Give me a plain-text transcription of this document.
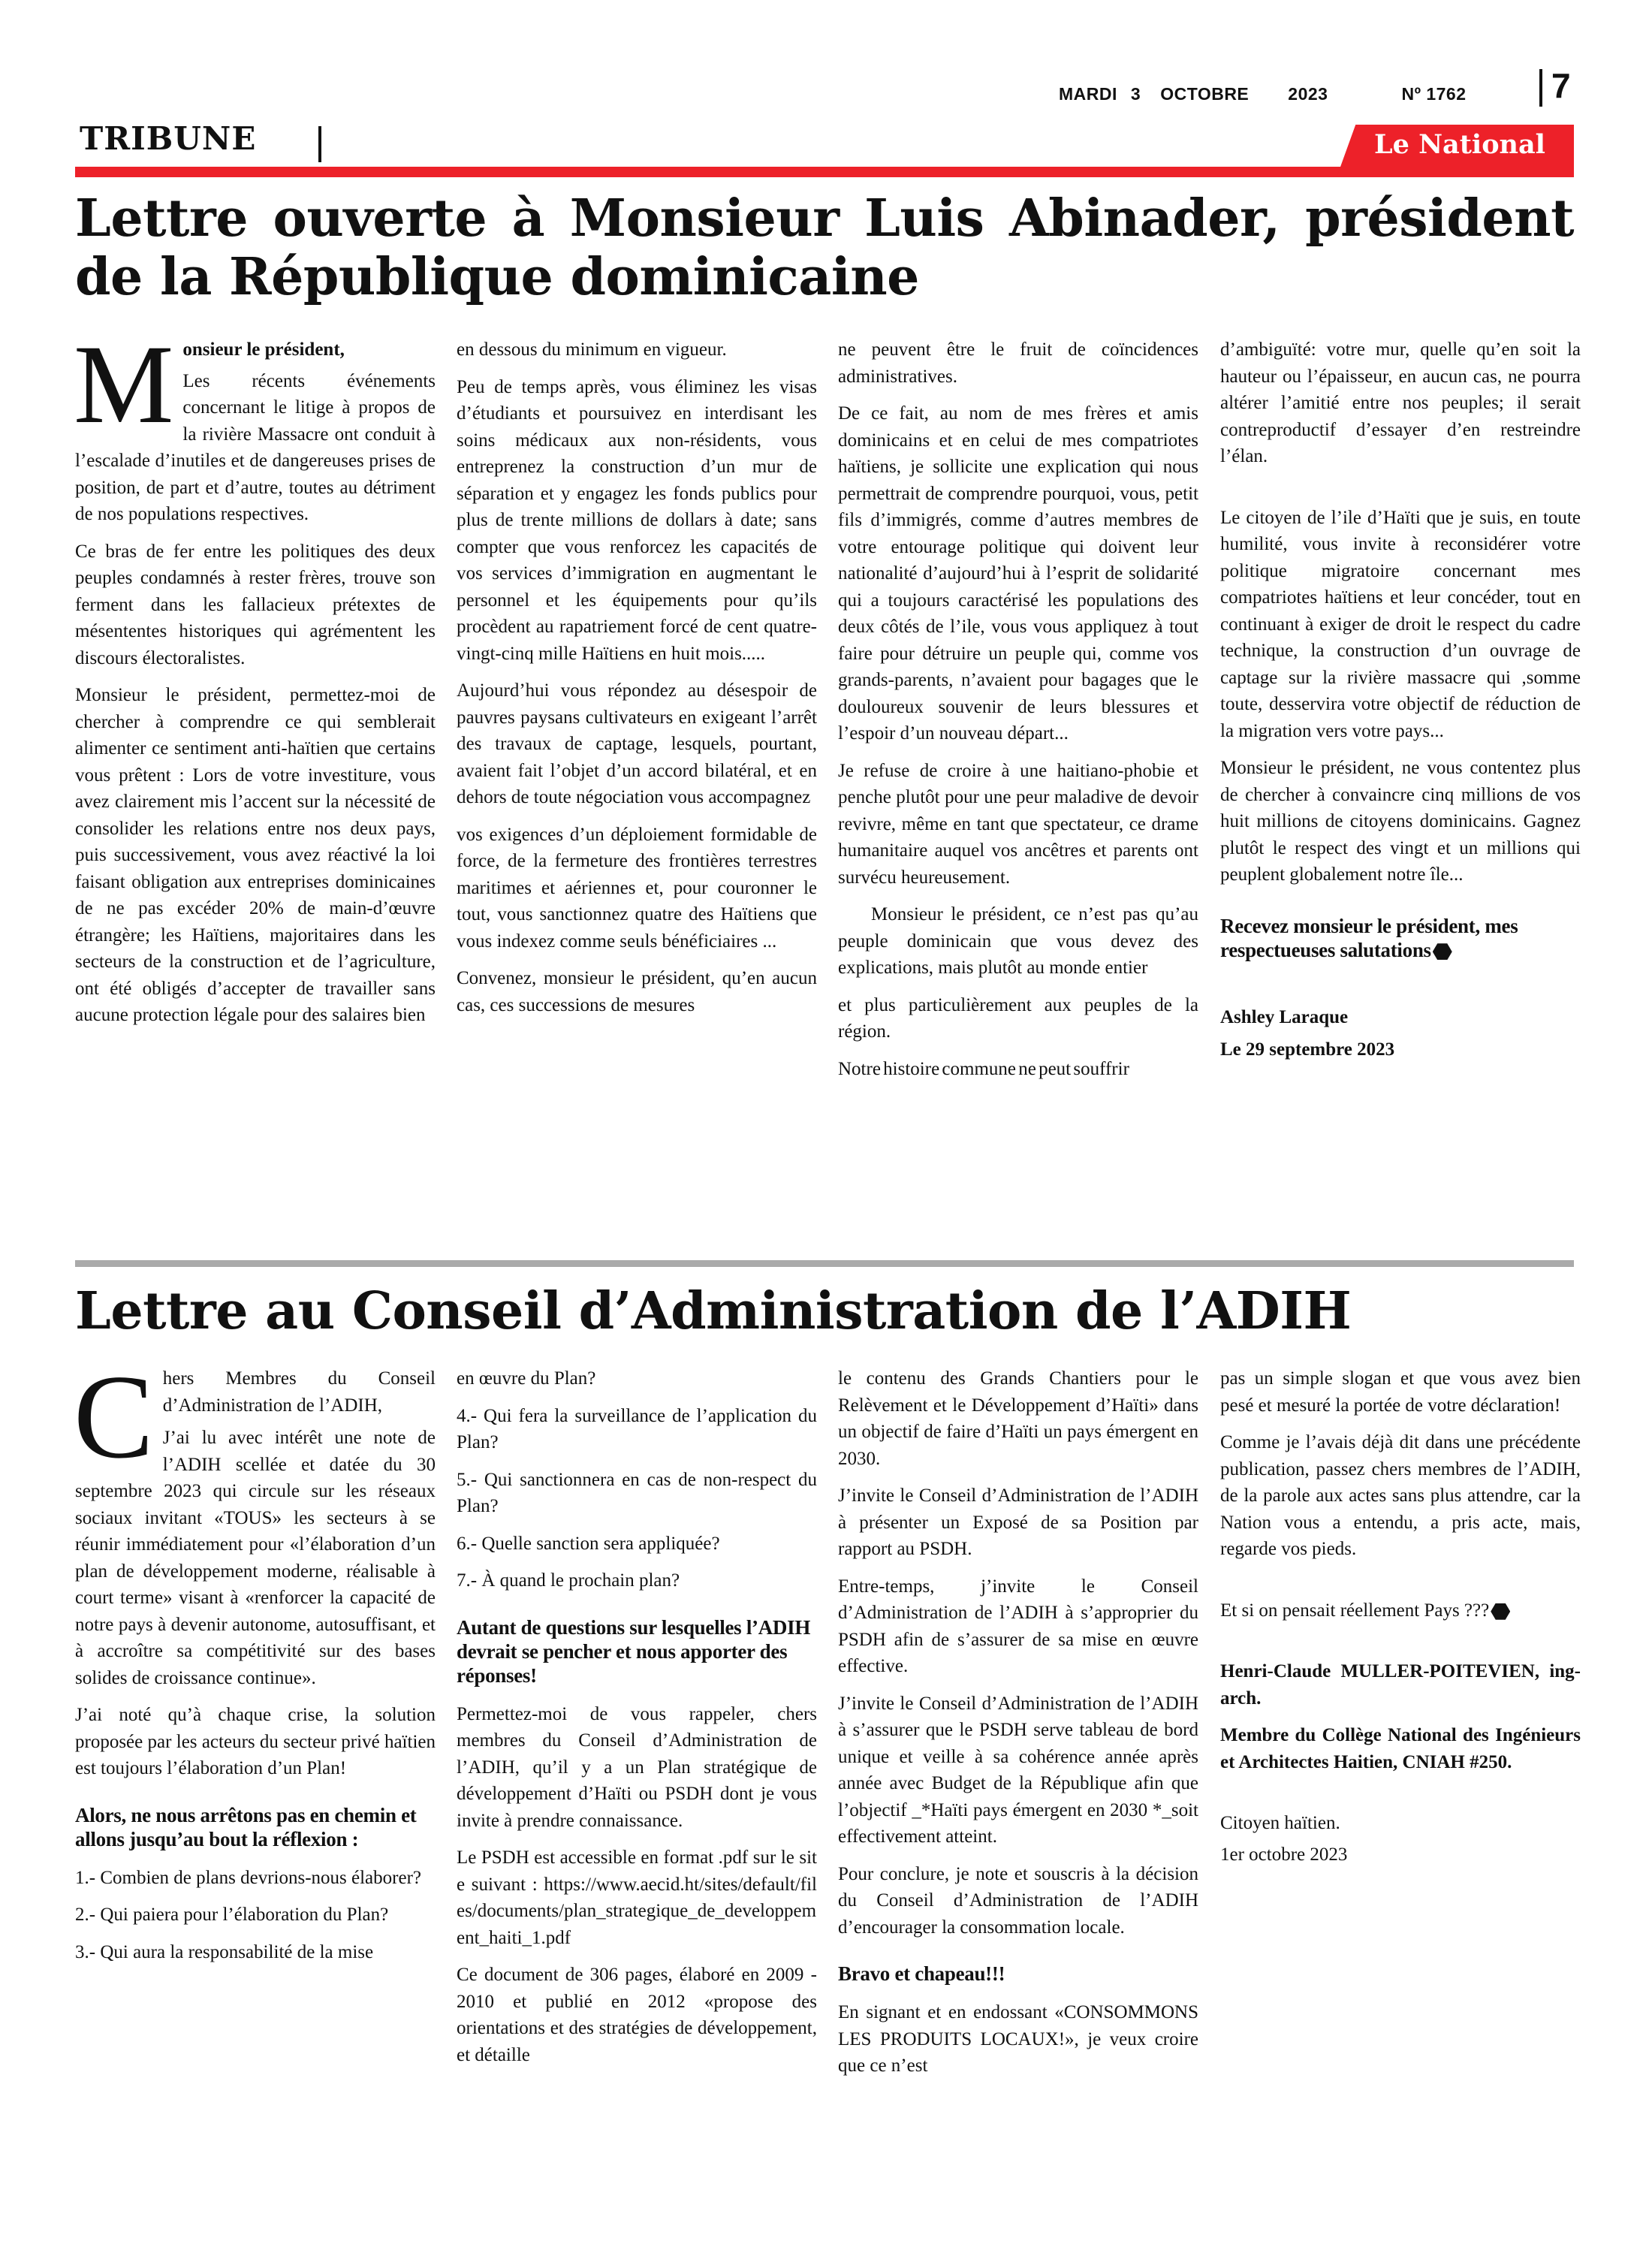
MARDI 3 OCTOBRE 2023	Nº 1762 7
TRIBUNE	Le National
Lettre ouverte à Monsieur Luis Abinader, président de la République dominicaine
M onsieur le président,

Les récents événements concernant le litige à propos de la rivière Massacre ont conduit à l’escalade d’inutiles et de dangereuses prises de position, de part et d’autre, toutes au détriment de nos populations respectives.

Ce bras de fer entre les politiques des deux peuples condamnés à rester frères, trouve son ferment dans les fallacieux prétextes de mésententes historiques qui agrémentent les discours électoralistes.

Monsieur le président, permettez-moi de chercher à comprendre ce qui semblerait alimenter ce sentiment anti-haïtien que certains vous prêtent : Lors de votre investiture, vous avez clairement mis l’accent sur la nécessité de consolider les relations entre nos deux pays, puis successivement, vous avez réactivé la loi faisant obligation aux entreprises dominicaines de ne pas excéder 20% de main-d’œuvre étrangère; les Haïtiens, majoritaires dans les secteurs de la construction et de l’agriculture, ont été obligés d’accepter de travailler sans aucune protection légale pour des salaires bien

en dessous du minimum en vigueur.

Peu de temps après, vous éliminez les visas d’étudiants et poursuivez en interdisant les soins médicaux aux non-résidents, vous entreprenez la construction d’un mur de séparation et y engagez les fonds publics pour plus de trente millions de dollars à date; sans compter que vous renforcez les capacités de vos services d’immigration en augmentant le personnel et les équipements pour qu’ils procèdent au rapatriement forcé de cent quatre-vingt-cinq mille Haïtiens en huit mois.....

Aujourd’hui vous répondez au désespoir de pauvres paysans cultivateurs en exigeant l’arrêt des travaux de captage, lesquels, pourtant, avaient fait l’objet d’un accord bilatéral, et en dehors de toute négociation vous accompagnez

vos exigences d’un déploiement formidable de force, de la fermeture des frontières terrestres maritimes et aériennes et, pour couronner le tout, vous sanctionnez quatre des Haïtiens que vous indexez comme seuls bénéficiaires ...

Convenez, monsieur le président, qu’en aucun cas, ces successions de mesures

ne peuvent être le fruit de coïncidences administratives.

De ce fait, au nom de mes frères et amis dominicains et en celui de mes compatriotes haïtiens, je sollicite une explication qui nous permettrait de comprendre pourquoi, vous, petit fils d’immigrés, comme d’autres membres de votre entourage politique qui doivent leur nationalité d’aujourd’hui à l’esprit de solidarité qui a toujours caractérisé les populations des deux côtés de l’ile, vous vous appliquez à tout faire pour détruire un peuple qui, comme vos grands-parents, n’avaient pour bagages que le douloureux souvenir de leurs blessures et l’espoir d’un nouveau départ...

Je refuse de croire à une haitiano-phobie et penche plutôt pour une peur maladive de devoir revivre, même en tant que spectateur, ce drame humanitaire auquel vos ancêtres et parents ont survécu heureusement.

Monsieur le président, ce n’est pas qu’au peuple dominicain que vous devez des explications, mais plutôt au monde entier

et plus particulièrement aux peuples de la région.

Notre histoire commune ne peut souffrir

d’ambiguïté: votre mur, quelle qu’en soit la hauteur ou l’épaisseur, en aucun cas, ne pourra altérer l’amitié entre nos peuples; il serait contreproductif d’essayer d’en restreindre l’élan.

Le citoyen de l’ile d’Haïti que je suis, en toute humilité, vous invite à reconsidérer votre politique migratoire concernant mes compatriotes haïtiens et leur concéder, tout en continuant à exiger de droit le respect du cadre technique, la construction d’un ouvrage de captage sur la rivière massacre qui ,somme toute, desservira votre objectif de réduction de la migration vers votre pays...

Monsieur le président, ne vous contentez plus de chercher à convaincre cinq millions de vos huit millions de citoyens dominicains. Gagnez plutôt le respect des vingt et un millions qui peuplent globalement notre île...

Recevez monsieur le président, mes respectueuses salutations

Ashley Laraque

Le 29 septembre 2023

Lettre au Conseil d’Administration de l’ADIH
C hers Membres du Conseil d’Administration de l’ADIH,

J’ai lu avec intérêt une note de l’ADIH scellée et datée du 30 septembre 2023 qui circule sur les réseaux sociaux invitant «TOUS» les secteurs à se réunir immédiatement pour «l’élaboration d’un plan de développement moderne, réalisable à court terme» visant à «renforcer la capacité de notre pays à devenir autonome, autosuffisant, et à accroître sa compétitivité sur des bases solides de croissance continue».

J’ai noté qu’à chaque crise, la solution proposée par les acteurs du secteur privé haïtien est toujours l’élaboration d’un Plan!

Alors, ne nous arrêtons pas en chemin et allons jusqu’au bout la réflexion :

1.- Combien de plans devrions-nous élaborer?

2.- Qui paiera pour l’élaboration du Plan?

3.- Qui aura la responsabilité de la mise

en œuvre du Plan?

4.- Qui fera la surveillance de l’application du Plan?

5.- Qui sanctionnera en cas de non-respect du Plan?

6.- Quelle sanction sera appliquée?

7.- À quand le prochain plan?

Autant de questions sur lesquelles l’ADIH devrait se pencher et nous apporter des réponses!

Permettez-moi de vous rappeler, chers membres du Conseil d’Administration de l’ADIH, qu’il y a un Plan stratégique de développement d’Haïti ou PSDH dont je vous invite à prendre connaissance.

Le PSDH est accessible en format .pdf sur le site suivant : https://www.aecid.ht/sites/default/files/documents/plan_strategique_de_developpement_haiti_1.pdf

Ce document de 306 pages, élaboré en 2009 - 2010 et publié en 2012 «propose des orientations et des stratégies de développement, et détaille

le contenu des Grands Chantiers pour le Relèvement et le Développement d’Haïti» dans un objectif de faire d’Haïti un pays émergent en 2030.

J’invite le Conseil d’Administration de l’ADIH à présenter un Exposé de sa Position par rapport au PSDH.

Entre-temps, j’invite le Conseil d’Administration de l’ADIH à s’approprier du PSDH afin de s’assurer de sa mise en œuvre effective.

J’invite le Conseil d’Administration de l’ADIH à s’assurer que le PSDH serve tableau de bord unique et veille à sa cohérence année après année avec Budget de la République afin que l’objectif _*Haïti pays émergent en 2030 *_soit effectivement atteint.

Pour conclure, je note et souscris à la décision du Conseil d’Administration de l’ADIH d’encourager la consommation locale.

Bravo et chapeau!!!

En signant et en endossant «CONSOMMONS LES PRODUITS LOCAUX!», je veux croire que ce n’est

pas un simple slogan et que vous avez bien pesé et mesuré la portée de votre déclaration!

Comme je l’avais déjà dit dans une précédente publication, passez chers membres de l’ADIH, de la parole aux actes sans plus attendre, car la Nation vous a entendu, a pris acte, mais, regarde vos pieds.

Et si on pensait réellement Pays ???

Henri-Claude MULLER-POITEVIEN, ing-arch.

Membre du Collège National des Ingénieurs et Architectes Haitien, CNIAH #250.

Citoyen haïtien.

1er octobre 2023
